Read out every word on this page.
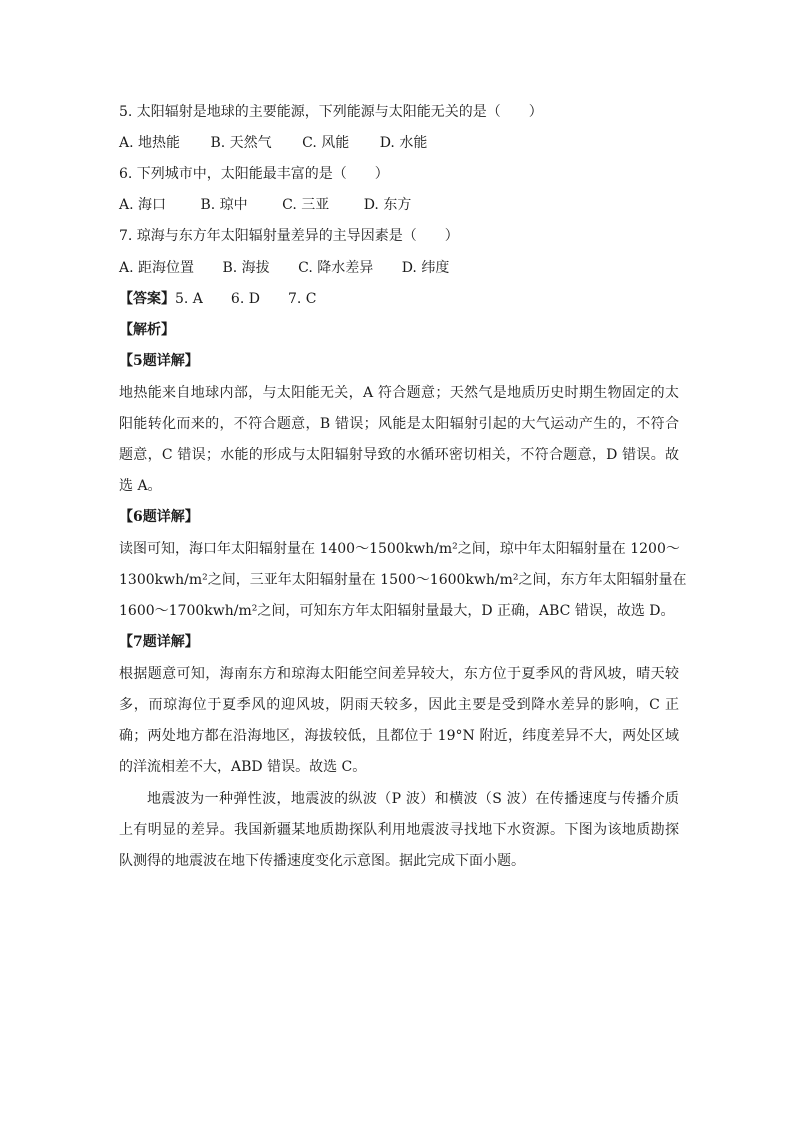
5. 太阳辐射是地球的主要能源，下列能源与太阳能无关的是（　　）
A. 地热能 B. 天然气 C. 风能 D. 水能
6. 下列城市中，太阳能最丰富的是（　　）
A. 海口 B. 琼中 C. 三亚 D. 东方
7. 琼海与东方年太阳辐射量差异的主导因素是（　　）
A. 距海位置 B. 海拔 C. 降水差异 D. 纬度
【答案】5. A 6. D 7. C
【解析】
【5题详解】
地热能来自地球内部，与太阳能无关，A 符合题意；天然气是地质历史时期生物固定的太
阳能转化而来的，不符合题意，B 错误；风能是太阳辐射引起的大气运动产生的，不符合
题意，C 错误；水能的形成与太阳辐射导致的水循环密切相关，不符合题意，D 错误。故
选 A。
【6题详解】
读图可知，海口年太阳辐射量在 1400～1500kwh/m²之间，琼中年太阳辐射量在 1200～
1300kwh/m²之间，三亚年太阳辐射量在 1500～1600kwh/m²之间，东方年太阳辐射量在
1600～1700kwh/m²之间，可知东方年太阳辐射量最大，D 正确，ABC 错误，故选 D。
【7题详解】
根据题意可知，海南东方和琼海太阳能空间差异较大，东方位于夏季风的背风坡，晴天较
多，而琼海位于夏季风的迎风坡，阴雨天较多，因此主要是受到降水差异的影响，C 正
确；两处地方都在沿海地区，海拔较低，且都位于 19°N 附近，纬度差异不大，两处区域
的洋流相差不大，ABD 错误。故选 C。
地震波为一种弹性波，地震波的纵波（P 波）和横波（S 波）在传播速度与传播介质
上有明显的差异。我国新疆某地质勘探队利用地震波寻找地下水资源。下图为该地质勘探
队测得的地震波在地下传播速度变化示意图。据此完成下面小题。
